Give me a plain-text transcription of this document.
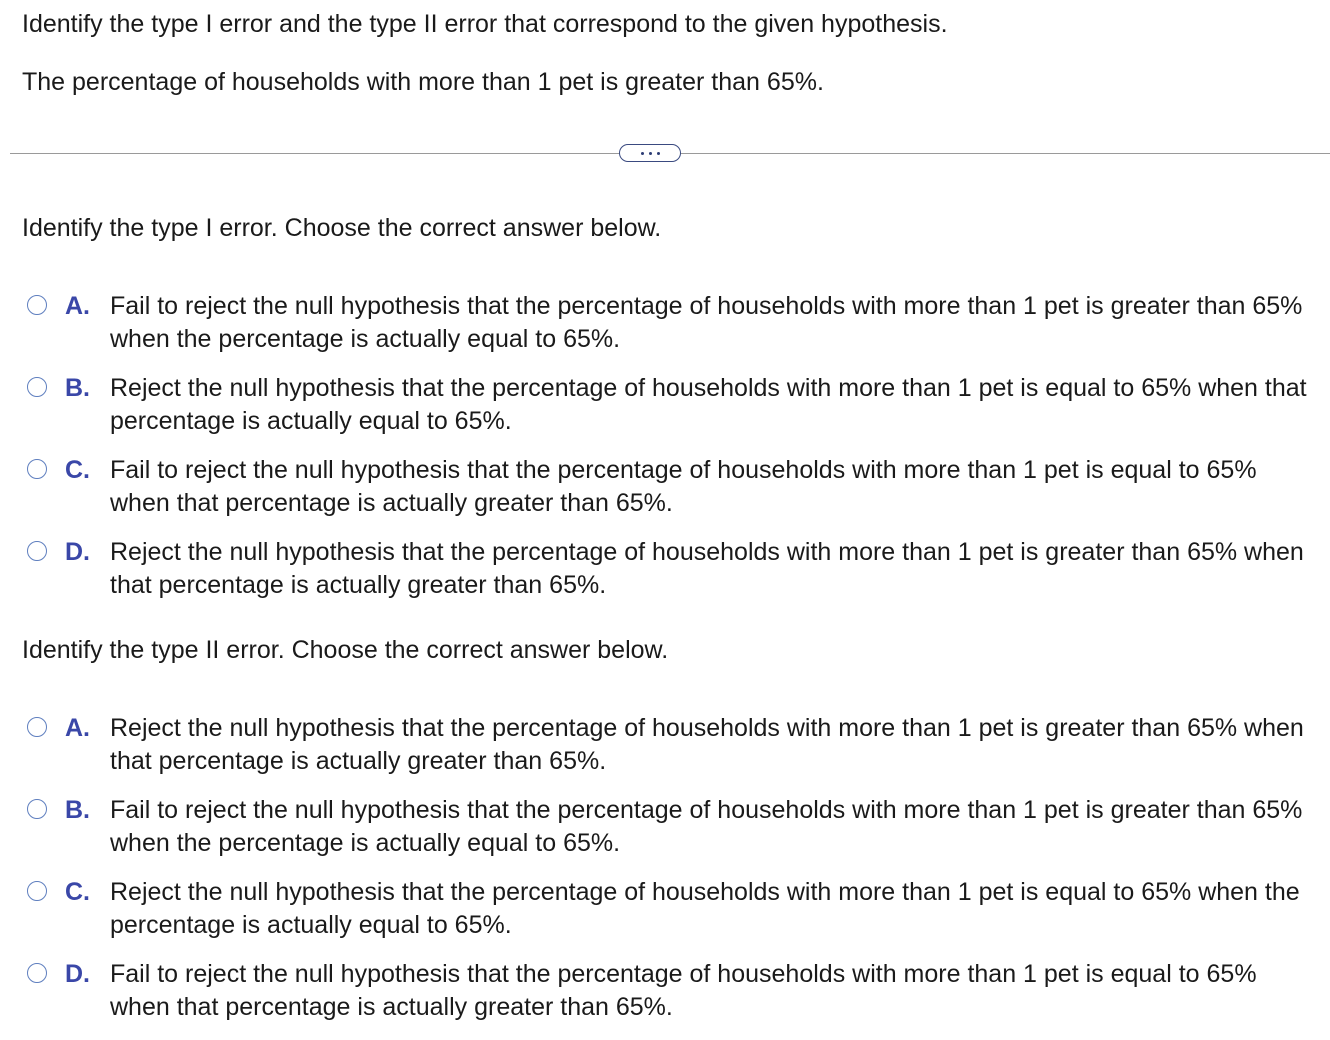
Identify the type I error and the type II error that correspond to the given hypothesis.
The percentage of households with more than 1 pet is greater than 65%.
Identify the type I error. Choose the correct answer below.
A. Fail to reject the null hypothesis that the percentage of households with more than 1 pet is greater than 65% when the percentage is actually equal to 65%.
B. Reject the null hypothesis that the percentage of households with more than 1 pet is equal to 65% when that percentage is actually equal to 65%.
C. Fail to reject the null hypothesis that the percentage of households with more than 1 pet is equal to 65% when that percentage is actually greater than 65%.
D. Reject the null hypothesis that the percentage of households with more than 1 pet is greater than 65% when that percentage is actually greater than 65%.
Identify the type II error. Choose the correct answer below.
A. Reject the null hypothesis that the percentage of households with more than 1 pet is greater than 65% when that percentage is actually greater than 65%.
B. Fail to reject the null hypothesis that the percentage of households with more than 1 pet is greater than 65% when the percentage is actually equal to 65%.
C. Reject the null hypothesis that the percentage of households with more than 1 pet is equal to 65% when the percentage is actually equal to 65%.
D. Fail to reject the null hypothesis that the percentage of households with more than 1 pet is equal to 65% when that percentage is actually greater than 65%.
